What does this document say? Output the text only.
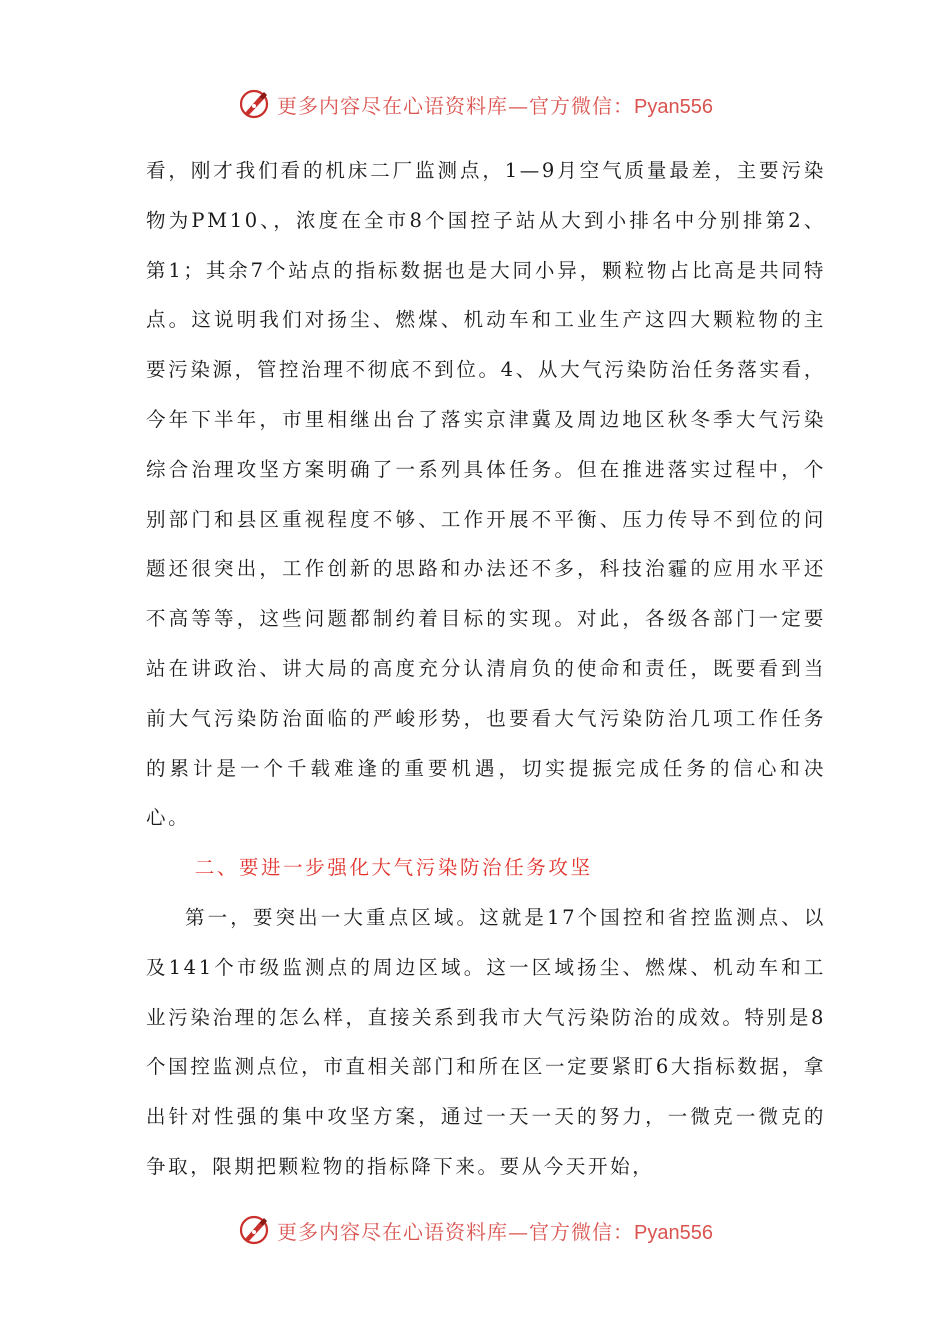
更多内容尽在心语资料库—官方微信：Pyan556

看，刚才我们看的机床二厂监测点，1—9月空气质量最差，主要污染物为PM10、，浓度在全市8个国控子站从大到小排名中分别排第2、第1；其余7个站点的指标数据也是大同小异，颗粒物占比高是共同特点。这说明我们对扬尘、燃煤、机动车和工业生产这四大颗粒物的主要污染源，管控治理不彻底不到位。4、从大气污染防治任务落实看，今年下半年，市里相继出台了落实京津冀及周边地区秋冬季大气污染综合治理攻坚方案明确了一系列具体任务。但在推进落实过程中，个别部门和县区重视程度不够、工作开展不平衡、压力传导不到位的问题还很突出，工作创新的思路和办法还不多，科技治霾的应用水平还不高等等，这些问题都制约着目标的实现。对此，各级各部门一定要站在讲政治、讲大局的高度充分认清肩负的使命和责任，既要看到当前大气污染防治面临的严峻形势，也要看大气污染防治几项工作任务的累计是一个千载难逢的重要机遇，切实提振完成任务的信心和决心。

二、要进一步强化大气污染防治任务攻坚

第一，要突出一大重点区域。这就是17个国控和省控监测点、以及141个市级监测点的周边区域。这一区域扬尘、燃煤、机动车和工业污染治理的怎么样，直接关系到我市大气污染防治的成效。特别是8个国控监测点位，市直相关部门和所在区一定要紧盯6大指标数据，拿出针对性强的集中攻坚方案，通过一天一天的努力，一微克一微克的争取，限期把颗粒物的指标降下来。要从今天开始，

更多内容尽在心语资料库—官方微信：Pyan556
